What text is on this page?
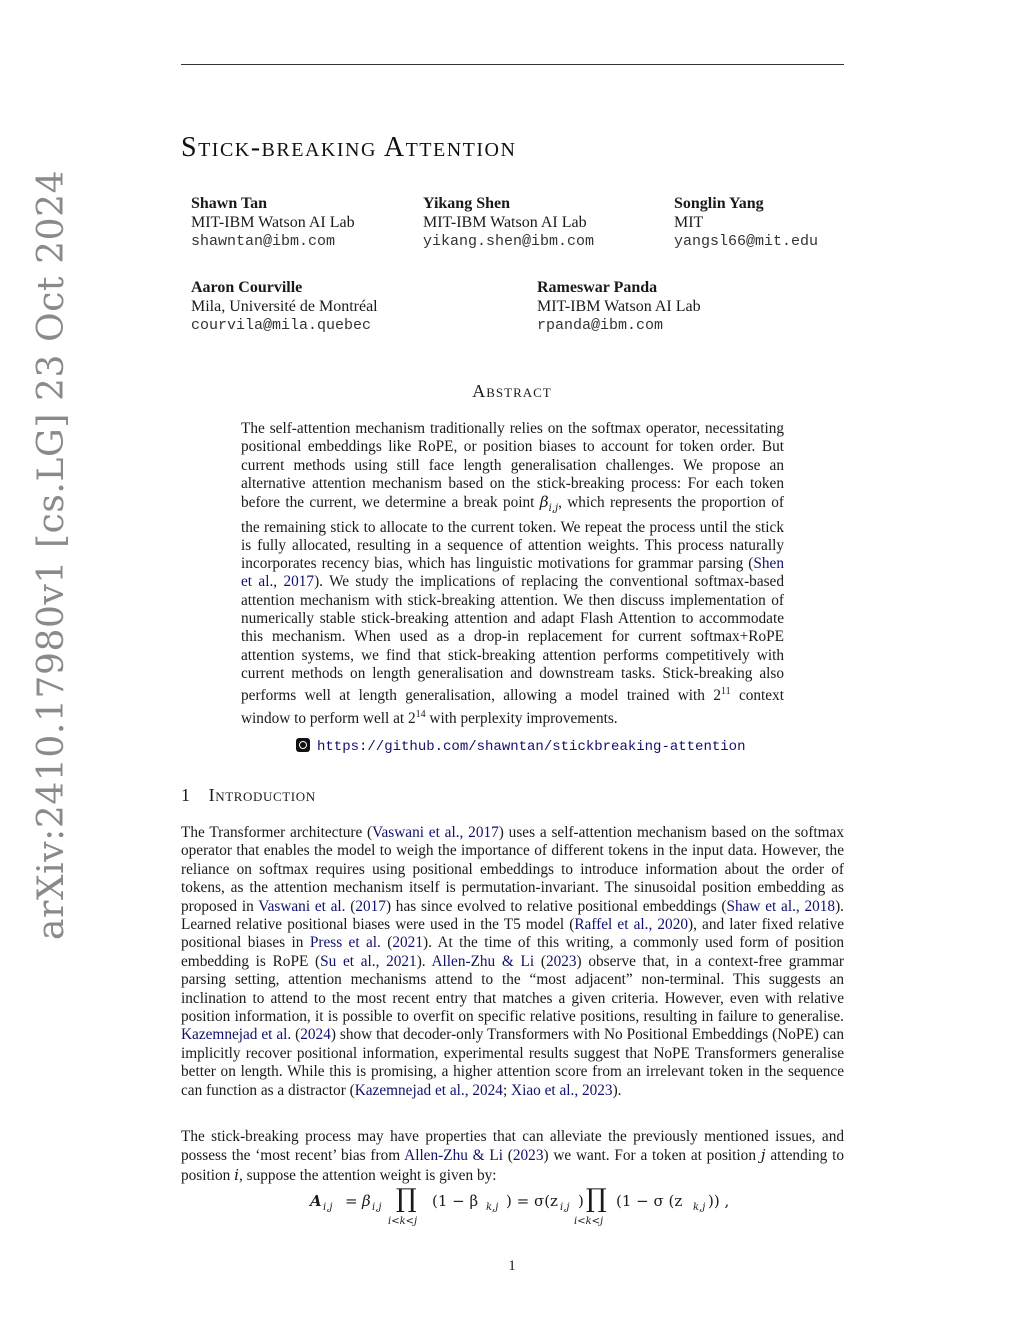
arXiv:2410.17980v1 [cs.LG] 23 Oct 2024
Stick-breaking Attention
Shawn Tan
MIT-IBM Watson AI Lab
shawntan@ibm.com
Yikang Shen
MIT-IBM Watson AI Lab
yikang.shen@ibm.com
Songlin Yang
MIT
yangsl66@mit.edu
Aaron Courville
Mila, Université de Montréal
courvila@mila.quebec
Rameswar Panda
MIT-IBM Watson AI Lab
rpanda@ibm.com
Abstract
The self-attention mechanism traditionally relies on the softmax operator, necessitating positional embeddings like RoPE, or position biases to account for token order. But current methods using still face length generalisation challenges. We propose an alternative attention mechanism based on the stick-breaking process: For each token before the current, we determine a break point $\beta_{i,j}$, which represents the proportion of the remaining stick to allocate to the current token. We repeat the process until the stick is fully allocated, resulting in a sequence of attention weights. This process naturally incorporates recency bias, which has linguistic motivations for grammar parsing (Shen et al., 2017). We study the implications of replacing the conventional softmax-based attention mechanism with stick-breaking attention. We then discuss implementation of numerically stable stick-breaking attention and adapt Flash Attention to accommodate this mechanism. When used as a drop-in replacement for current softmax+RoPE attention systems, we find that stick-breaking attention performs competitively with current methods on length generalisation and downstream tasks. Stick-breaking also performs well at length generalisation, allowing a model trained with $2^{11}$ context window to perform well at $2^{14}$ with perplexity improvements.
https://github.com/shawntan/stickbreaking-attention
1 Introduction
The Transformer architecture (Vaswani et al., 2017) uses a self-attention mechanism based on the softmax operator that enables the model to weigh the importance of different tokens in the input data. However, the reliance on softmax requires using positional embeddings to introduce information about the order of tokens, as the attention mechanism itself is permutation-invariant. The sinusoidal position embedding as proposed in Vaswani et al. (2017) has since evolved to relative positional embeddings (Shaw et al., 2018). Learned relative positional biases were used in the T5 model (Raffel et al., 2020), and later fixed relative positional biases in Press et al. (2021). At the time of this writing, a commonly used form of position embedding is RoPE (Su et al., 2021). Allen-Zhu & Li (2023) observe that, in a context-free grammar parsing setting, attention mechanisms attend to the “most adjacent” non-terminal. This suggests an inclination to attend to the most recent entry that matches a given criteria. However, even with relative position information, it is possible to overfit on specific relative positions, resulting in failure to generalise. Kazemnejad et al. (2024) show that decoder-only Transformers with No Positional Embeddings (NoPE) can implicitly recover positional information, experimental results suggest that NoPE Transformers generalise better on length. While this is promising, a higher attention score from an irrelevant token in the sequence can function as a distractor (Kazemnejad et al., 2024; Xiao et al., 2023).
The stick-breaking process may have properties that can alleviate the previously mentioned issues, and possess the ‘most recent’ bias from Allen-Zhu & Li (2023) we want. For a token at position j attending to position i, suppose the attention weight is given by:
A i,j = β i,j ∏
i<k<j
(1 − β k,j ) = σ(z i,j ) ∏
i<k<j
(1 − σ (z k,j )) ,
1
